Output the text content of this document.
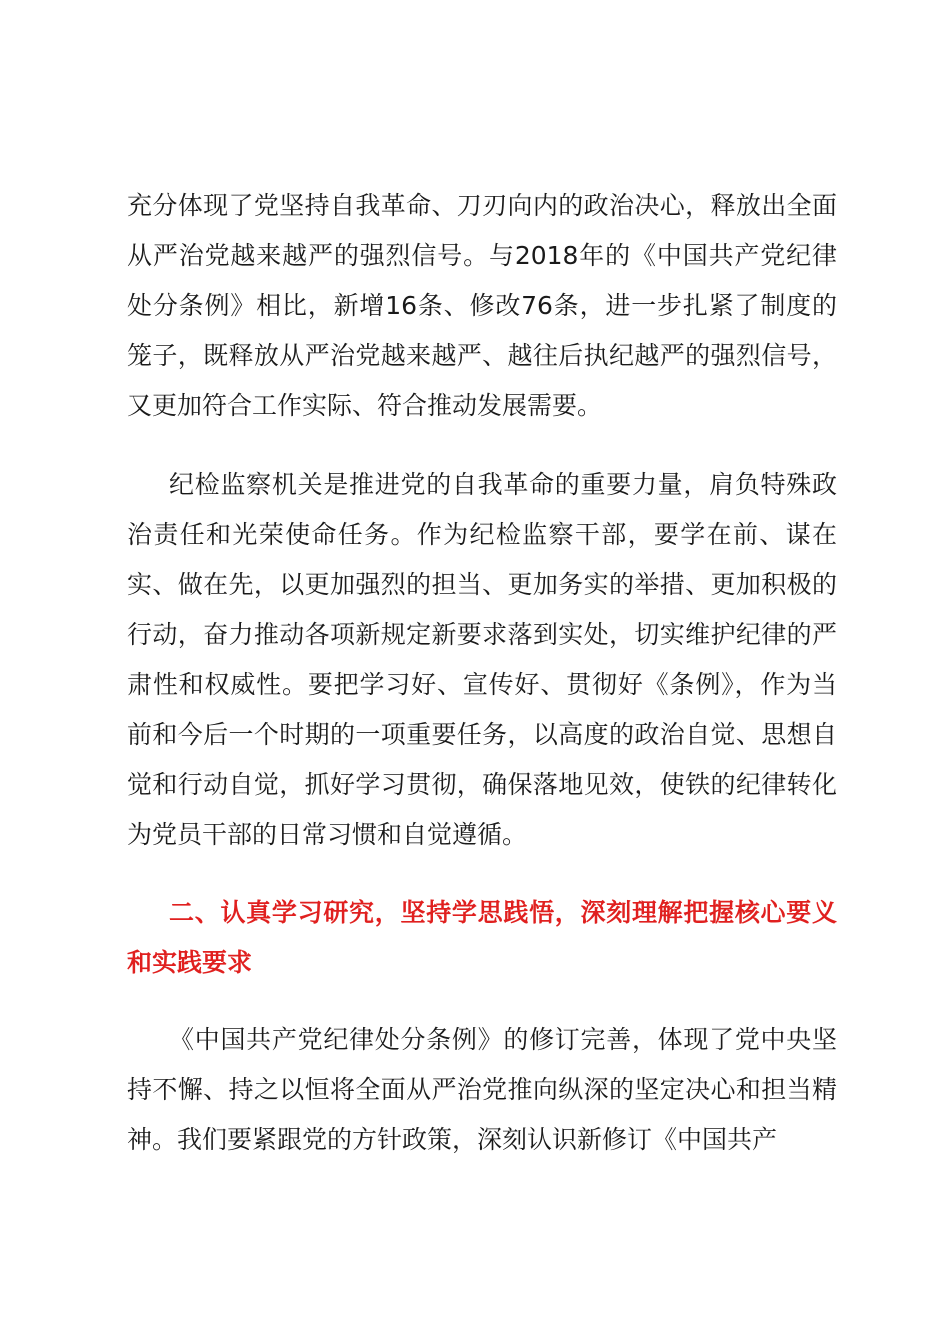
充分体现了党坚持自我革命、刀刃向内的政治决心，释放出全面从严治党越来越严的强烈信号。与2018年的《中国共产党纪律处分条例》相比，新增16条、修改76条，进一步扎紧了制度的笼子，既释放从严治党越来越严、越往后执纪越严的强烈信号，又更加符合工作实际、符合推动发展需要。

纪检监察机关是推进党的自我革命的重要力量，肩负特殊政治责任和光荣使命任务。作为纪检监察干部，要学在前、谋在实、做在先，以更加强烈的担当、更加务实的举措、更加积极的行动，奋力推动各项新规定新要求落到实处，切实维护纪律的严肃性和权威性。要把学习好、宣传好、贯彻好《条例》，作为当前和今后一个时期的一项重要任务，以高度的政治自觉、思想自觉和行动自觉，抓好学习贯彻，确保落地见效，使铁的纪律转化为党员干部的日常习惯和自觉遵循。

二、认真学习研究，坚持学思践悟，深刻理解把握核心要义和实践要求

《中国共产党纪律处分条例》的修订完善，体现了党中央坚持不懈、持之以恒将全面从严治党推向纵深的坚定决心和担当精神。我们要紧跟党的方针政策，深刻认识新修订《中国共产
